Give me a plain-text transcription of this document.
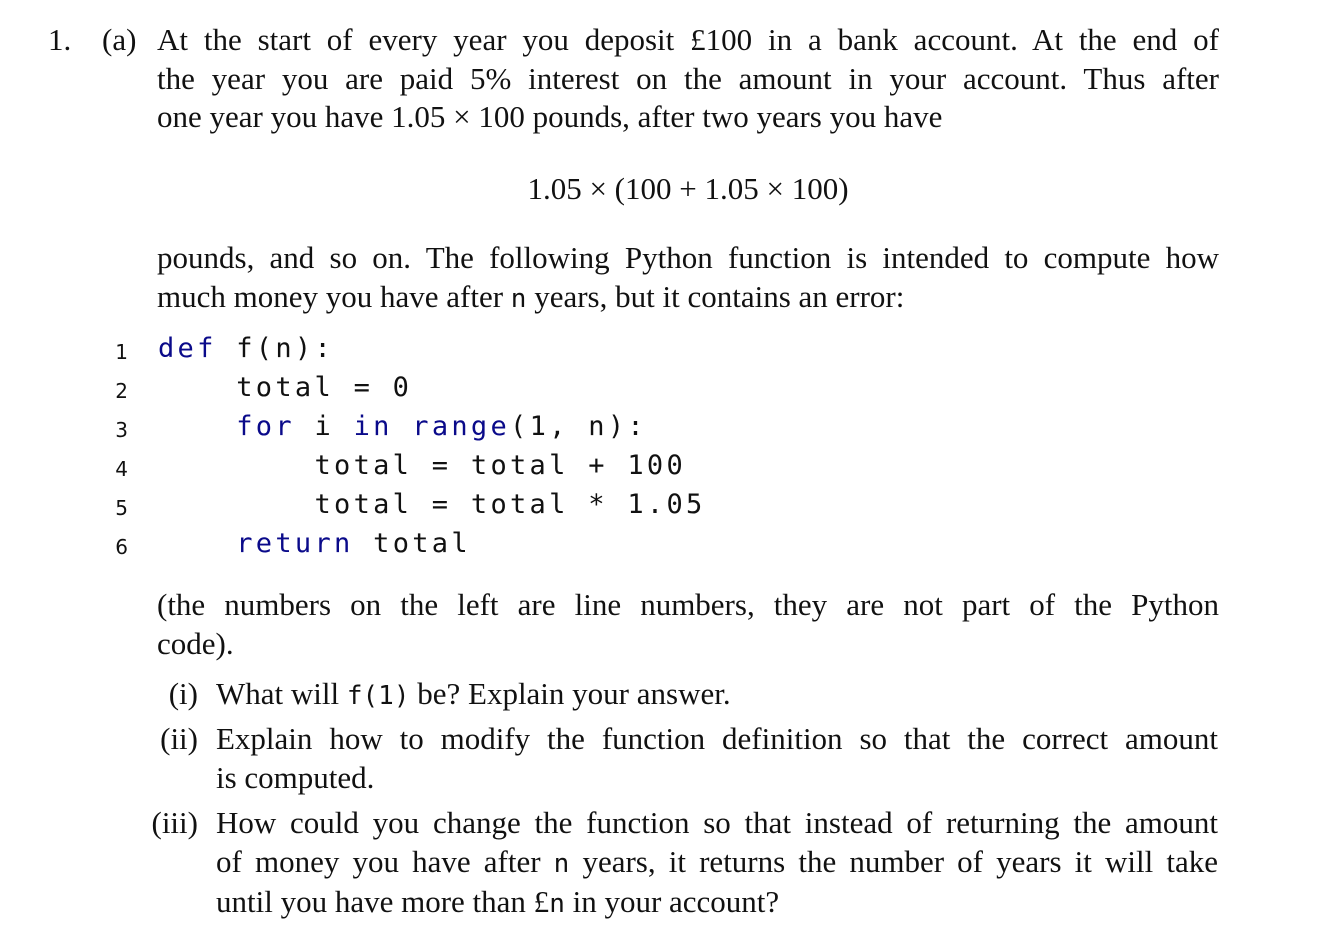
1. (a) At the start of every year you deposit £100 in a bank account. At the end of
the year you are paid 5% interest on the amount in your account. Thus after
one year you have 1.05 × 100 pounds, after two years you have
1.05 × (100 + 1.05 × 100)
pounds, and so on. The following Python function is intended to compute how
much money you have after n years, but it contains an error:
1 def f(n):
2	total = 0
3	for i in range(1, n):
4	total = total + 100
5	total = total * 1.05
6	return total
(the numbers on the left are line numbers, they are not part of the Python
code).
(i) What will f(1) be? Explain your answer.
(ii) Explain how to modify the function definition so that the correct amount
is computed.
(iii) How could you change the function so that instead of returning the amount
of money you have after n years, it returns the number of years it will take
until you have more than £n in your account?
